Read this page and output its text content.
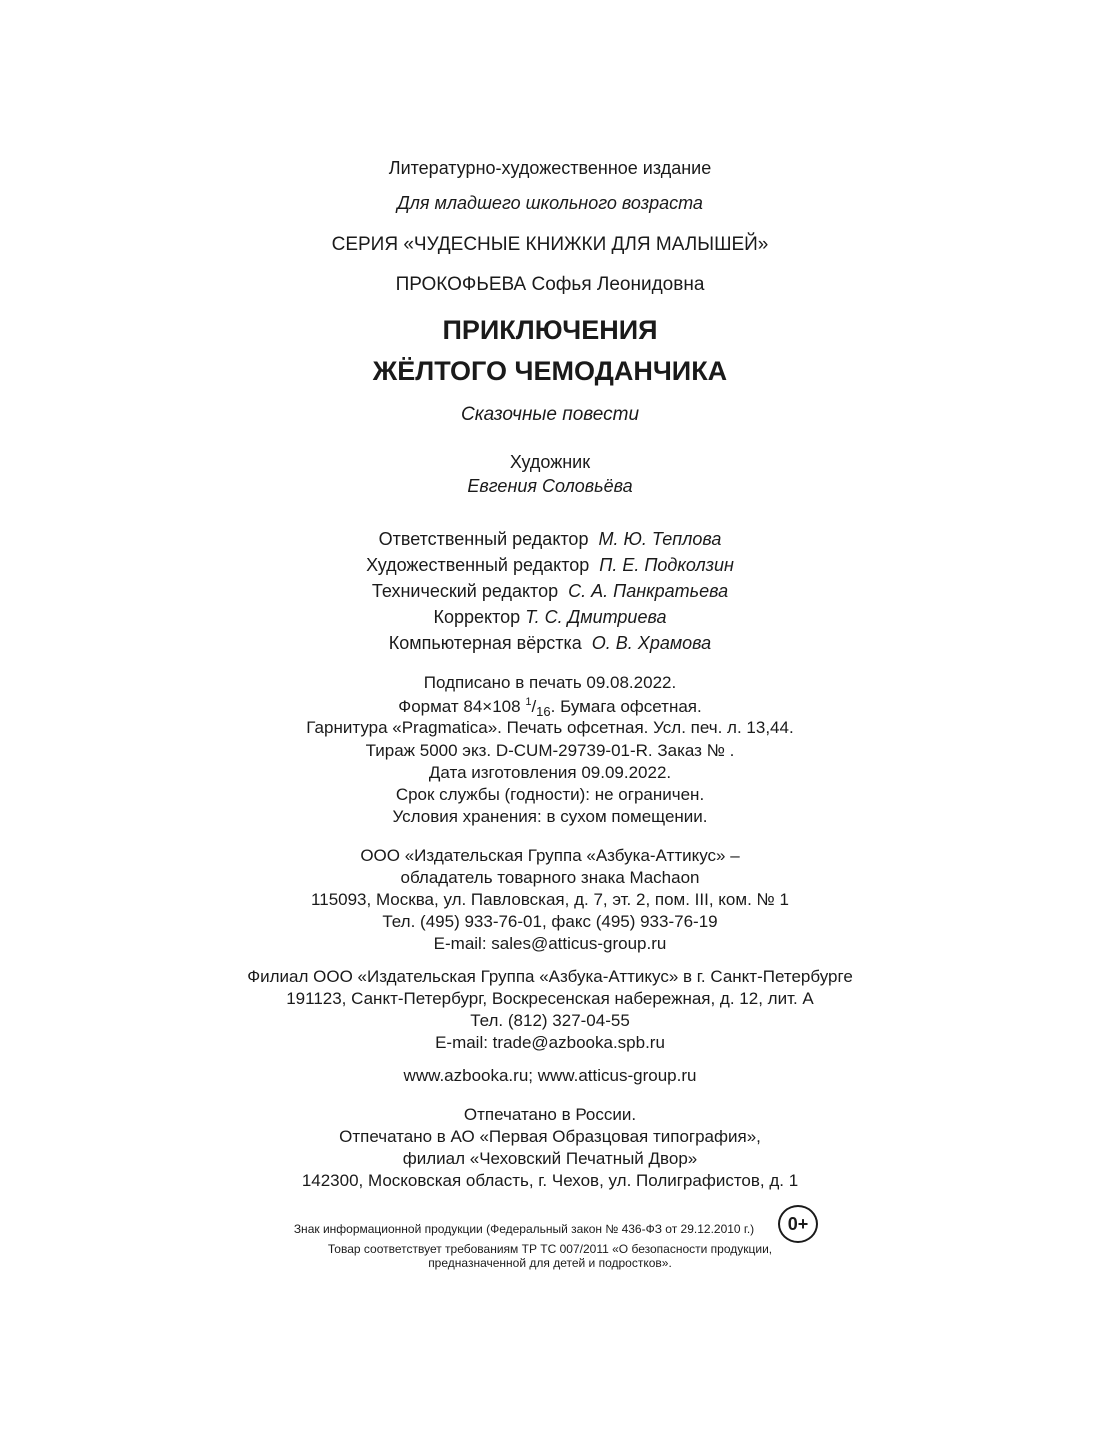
Литературно-художественное издание
Для младшего школьного возраста
СЕРИЯ «ЧУДЕСНЫЕ КНИЖКИ ДЛЯ МАЛЫШЕЙ»
ПРОКОФЬЕВА Софья Леонидовна
ПРИКЛЮЧЕНИЯ
ЖЁЛТОГО ЧЕМОДАНЧИКА
Сказочные повести
Художник
Евгения Соловьёва
Ответственный редактор М. Ю. Теплова
Художественный редактор П. Е. Подколзин
Технический редактор С. А. Панкратьева
Корректор Т. С. Дмитриева
Компьютерная вёрстка О. В. Храмова
Подписано в печать 09.08.2022.
Формат 84×108 $^1/_{16}$. Бумага офсетная.
Гарнитура «Pragmatica». Печать офсетная. Усл. печ. л. 13,44.
Тираж 5000 экз. D-CUM-29739-01-R. Заказ № .
Дата изготовления 09.09.2022.
Срок службы (годности): не ограничен.
Условия хранения: в сухом помещении.
ООО «Издательская Группа «Азбука-Аттикус» –
обладатель товарного знака Machaon
115093, Москва, ул. Павловская, д. 7, эт. 2, пом. III, ком. № 1
Тел. (495) 933-76-01, факс (495) 933-76-19
E-mail: sales@atticus-group.ru
Филиал ООО «Издательская Группа «Азбука-Аттикус» в г. Санкт-Петербурге
191123, Санкт-Петербург, Воскресенская набережная, д. 12, лит. А
Тел. (812) 327-04-55
E-mail: trade@azbooka.spb.ru
www.azbooka.ru; www.atticus-group.ru
Отпечатано в России.
Отпечатано в АО «Первая Образцовая типография»,
филиал «Чеховский Печатный Двор»
142300, Московская область, г. Чехов, ул. Полиграфистов, д. 1
Знак информационной продукции (Федеральный закон № 436-ФЗ от 29.12.2010 г.)	0+
Товар соответствует требованиям ТР ТС 007/2011 «О безопасности продукции,
предназначенной для детей и подростков».
